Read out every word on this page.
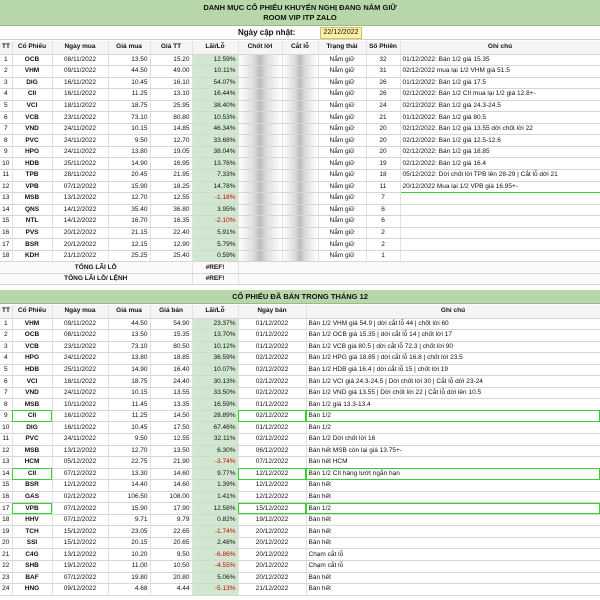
DANH MỤC CỔ PHIẾU KHUYẾN NGHỊ ĐANG NẮM GIỮ
ROOM VIP ITP ZALO
Ngày cập nhật:	22/12/2022
TT	Cổ Phiếu	Ngày mua	Giá mua	Giá TT	Lãi/Lỗ	Chốt lời	Cắt lỗ	Trạng thái	Số Phiên	Ghi chú
1	OCB	08/11/2022	13.50	15.20	12.59%			Nắm giữ	32	01/12/2022: Bán 1/2 giá 15.35
2	VHM	09/11/2022	44.50	49.00	10.11%			Nắm giữ	31	02/12/2022 mua lại 1/2 VHM giá 51.5
3	DIG	16/11/2022	10.45	16.10	54.07%			Nắm giữ	26	01/12/2022: Bán 1/2 giá 17.5
4	CII	16/11/2022	11.25	13.10	16.44%			Nắm giữ	26	02/12/2022: Bán 1/2 CII mua lại 1/2 giá 12.8+-
5	VCI	18/11/2022	18.75	25.95	38.40%			Nắm giữ	24	02/12/2022: Bán 1/2 giá 24.3-24.5
6	VCB	23/11/2022	73.10	80.80	10.53%			Nắm giữ	21	01/12/2022: Bán 1/2 giá 80.5
7	VND	24/11/2022	10.15	14.85	46.34%			Nắm giữ	20	02/12/2022: Bán 1/2 giá 13.55 dời chốt lời 22
8	PVC	24/11/2022	9.50	12.70	33.68%			Nắm giữ	20	02/12/2022: Bán 1/2 giá 12.5-12.6
9	HPG	24/11/2022	13.80	19.05	38.04%			Nắm giữ	20	02/12/2022: Bán 1/2 giá 18.85
10	HDB	25/11/2022	14.90	16.95	13.76%			Nắm giữ	19	02/12/2022: Bán 1/2 giá 16.4
11	TPB	28/11/2022	20.45	21.95	7.33%			Nắm giữ	18	05/12/2022: Dời chốt lời TPB lên 28-29 | Cắt lỗ dời 21
12	VPB	07/12/2022	15.90	18.25	14.78%			Nắm giữ	11	20/12/2022 Mua lại 1/2 VPB giá 16.95+-
13	MSB	13/12/2022	12.70	12.55	-1.18%			Nắm giữ	7	
14	QNS	14/12/2022	35.40	36.80	3.95%			Nắm giữ	6	
15	NTL	14/12/2022	16.70	16.35	-2.10%			Nắm giữ	6	
16	PVS	20/12/2022	21.15	22.40	5.91%			Nắm giữ	2	
17	BSR	20/12/2022	12.15	12.90	5.79%			Nắm giữ	2	
18	KDH	21/12/2022	25.25	25.40	0.59%			Nắm giữ	1	
TỔNG LÃI LỖ					#REF!					
TỔNG LÃI LỖ/ LỆNH					#REF!					
CỔ PHIẾU ĐÃ BÁN TRONG THÁNG 12
TT	Cổ Phiếu	Ngày mua	Giá mua	Giá bán	Lãi/Lỗ	Ngày bán	Ghi chú
1	VHM	09/11/2022	44.50	54.90	23.37%	01/12/2022	Bán 1/2 VHM giá 54.9 | dời cắt lỗ 44 | chốt lời 60
2	OCB	08/11/2022	13.50	15.35	13.70%	01/12/2022	Bán 1/2 OCB giá 15.35 | dời cắt lỗ 14 | chốt lời 17
3	VCB	23/11/2022	73.10	80.50	10.12%	01/12/2022	Bán 1/2 VCB giá 80.5 | dời cắt lỗ 72.3 | chốt lời 90
4	HPG	24/11/2022	13.80	18.85	36.59%	02/12/2022	Bán 1/2 HPG giá 18.85 | dời cắt lỗ 16.8 | chốt lời 23.5
5	HDB	25/11/2022	14.90	16.40	10.07%	02/12/2022	Bán 1/2 HDB giá 16.4 | dời cắt lỗ 15 | chốt lời 19
6	VCI	18/11/2022	18.75	24.40	30.13%	02/12/2022	Bán 1/2 VCI giá 24.3-24.5 | Dời chốt lời 30 | Cắt lỗ dời 23-24
7	VND	24/11/2022	10.15	13.55	33.50%	02/12/2022	Bán 1/2 VND giá 13.55 | Dời chốt lời 22 | Cắt lỗ dời lên 10.5
8	MSB	10/11/2022	11.45	13.35	16.59%	01/12/2022	Bán 1/2 giá 13.3-13.4
9	CII	16/11/2022	11.25	14.50	28.89%	02/12/2022	Bán 1/2
10	DIG	16/11/2022	10.45	17.50	67.46%	01/12/2022	Bán 1/2
11	PVC	24/11/2022	9.50	12.55	32.11%	02/12/2022	Bán 1/2 Dời chốt lời 16
12	MSB	13/12/2022	12.70	13.50	6.30%	06/12/2022	Bán hết MSB còn lại giá 13.75+-
13	HCM	05/12/2022	22.75	21.90	-3.74%	07/12/2022	Bán hết HCM
14	CII	07/12/2022	13.30	14.60	9.77%	12/12/2022	Bán 1/2 CII hàng lướt ngắn hạn
15	BSR	12/12/2022	14.40	14.60	1.39%	12/12/2022	Bán hết
16	GAS	02/12/2022	106.50	108.00	1.41%	12/12/2022	Bán hết
17	VPB	07/12/2022	15.90	17.90	12.58%	15/12/2022	Bán 1/2
18	HHV	07/12/2022	9.71	9.79	0.82%	19/12/2022	Bán hết
19	TCH	15/12/2022	23.05	22.65	-1.74%	20/12/2022	Bán hết
20	SSI	15/12/2022	20.15	20.65	2.48%	20/12/2022	Bán hết
21	C4G	13/12/2022	10.20	9.50	-6.86%	20/12/2022	Chạm cắt lỗ
22	SHB	19/12/2022	11.00	10.50	-4.55%	20/12/2022	Chạm cắt lỗ
23	BAF	07/12/2022	19.80	20.80	5.06%	20/12/2022	Bán hết
24	HNG	09/12/2022	4.68	4.44	-5.13%	21/12/2022	Bán hết
